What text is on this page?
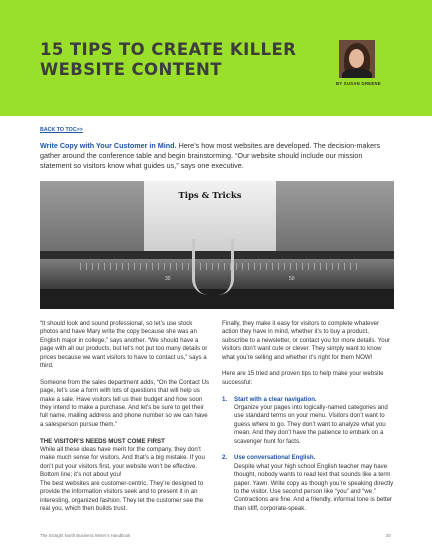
15 TIPS TO CREATE KILLER WEBSITE CONTENT
BY SUSAN GREENE
BACK TO TOC>>
Write Copy with Your Customer in Mind. Here’s how most websites are developed. The decision-makers gather around the conference table and begin brainstorming. “Our website should include our mission statement so visitors know what guides us,” says one executive.
Tips & Tricks
30	50

“It should look and sound professional, so let’s use stock photos and have Mary write the copy because she was an English major in college,” says another. “We should have a page with all our products, but let’s not put too many details or prices because we want visitors to have to contact us,” says a third.

Someone from the sales department adds, “On the Contact Us page, let’s use a form with lots of questions that will help us make a sale. Have visitors tell us their budget and how soon they intend to make a purchase. And let’s be sure to get their full name, mailing address and phone number so we can have a salesperson pursue them.”

THE VISITOR’S NEEDS MUST COME FIRST
While all these ideas have merit for the company, they don’t make much sense for visitors. And that’s a big mistake. If you don’t put your visitors first, your website won’t be effective. Bottom line; it’s not about you!
The best websites are customer-centric. They’re designed to provide the information visitors seek and to present it in an interesting, organized fashion. They let the customer see the real you, which then builds trust.

Finally, they make it easy for visitors to complete whatever action they have in mind, whether it’s to buy a product, subscribe to a newsletter, or contact you for more details. Your visitors don’t want cute or clever. They simply want to know what you’re selling and whether it’s right for them NOW!

Here are 15 tried and proven tips to help make your website successful:

1.	Start with a clear navigation.
Organize your pages into logically-named categories and use standard terms on your menu. Visitors don’t want to guess where to go. They don’t want to analyze what you mean. And they don’t have the patience to embark on a scavenger hunt for facts.
2.	Use conversational English.
Despite what your high school English teacher may have thought, nobody wants to read text that sounds like a term paper. Yawn. Write copy as though you’re speaking directly to the visitor. Use second person like “you” and “we.” Contractions are fine. And a friendly, informal tone is better than stiff, corporate-speak.
The Straight North Business Writer’s Handbook	20
